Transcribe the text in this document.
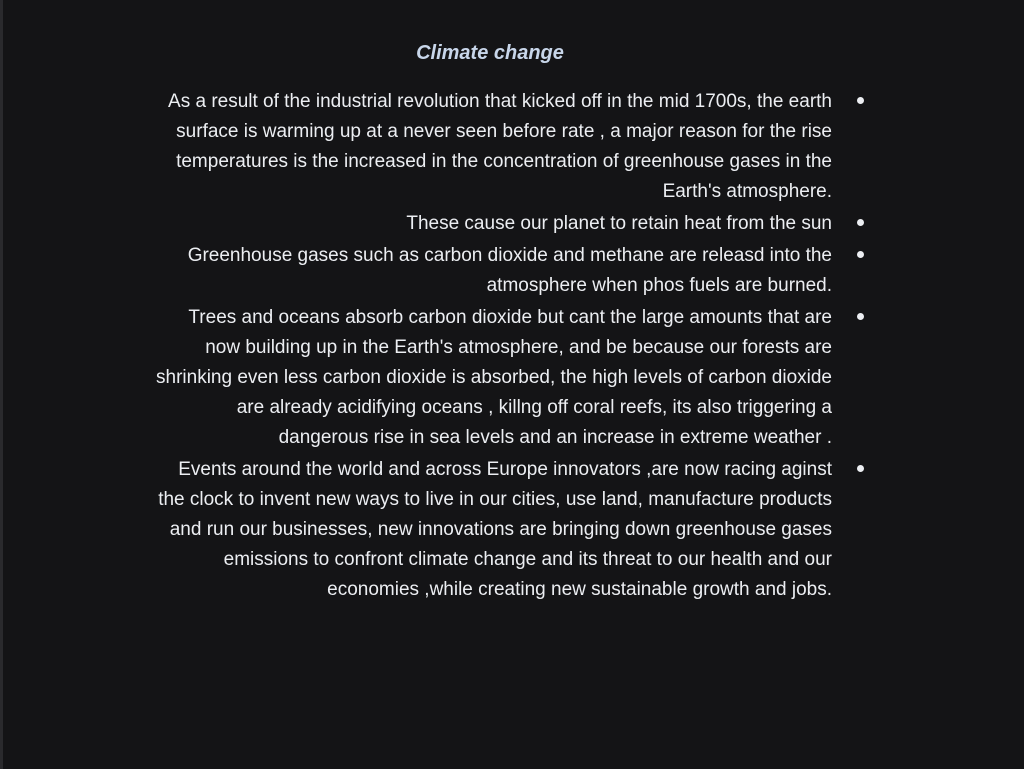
Climate change
As a result of the industrial revolution that kicked off in the mid 1700s, the earth surface is warming up at a never seen before rate , a major reason for the rise temperatures is the increased in the concentration of greenhouse gases in the Earth's atmosphere.
These cause our planet to retain heat from the sun
Greenhouse gases such as carbon dioxide and methane are releasd into the atmosphere when phos fuels are burned.
Trees and oceans absorb carbon dioxide but cant the large amounts that are now building up in the Earth's atmosphere, and be because our forests are shrinking even less carbon dioxide is absorbed, the high levels of carbon dioxide are already acidifying oceans , killng off coral reefs, its also triggering a dangerous rise in sea levels and an increase in extreme weather .
Events around the world and across Europe innovators ,are now racing aginst the clock to invent new ways to live in our cities, use land, manufacture products and run our businesses, new innovations are bringing down greenhouse gases emissions to confront climate change and its threat to our health and our economies ,while creating new sustainable growth and jobs.
